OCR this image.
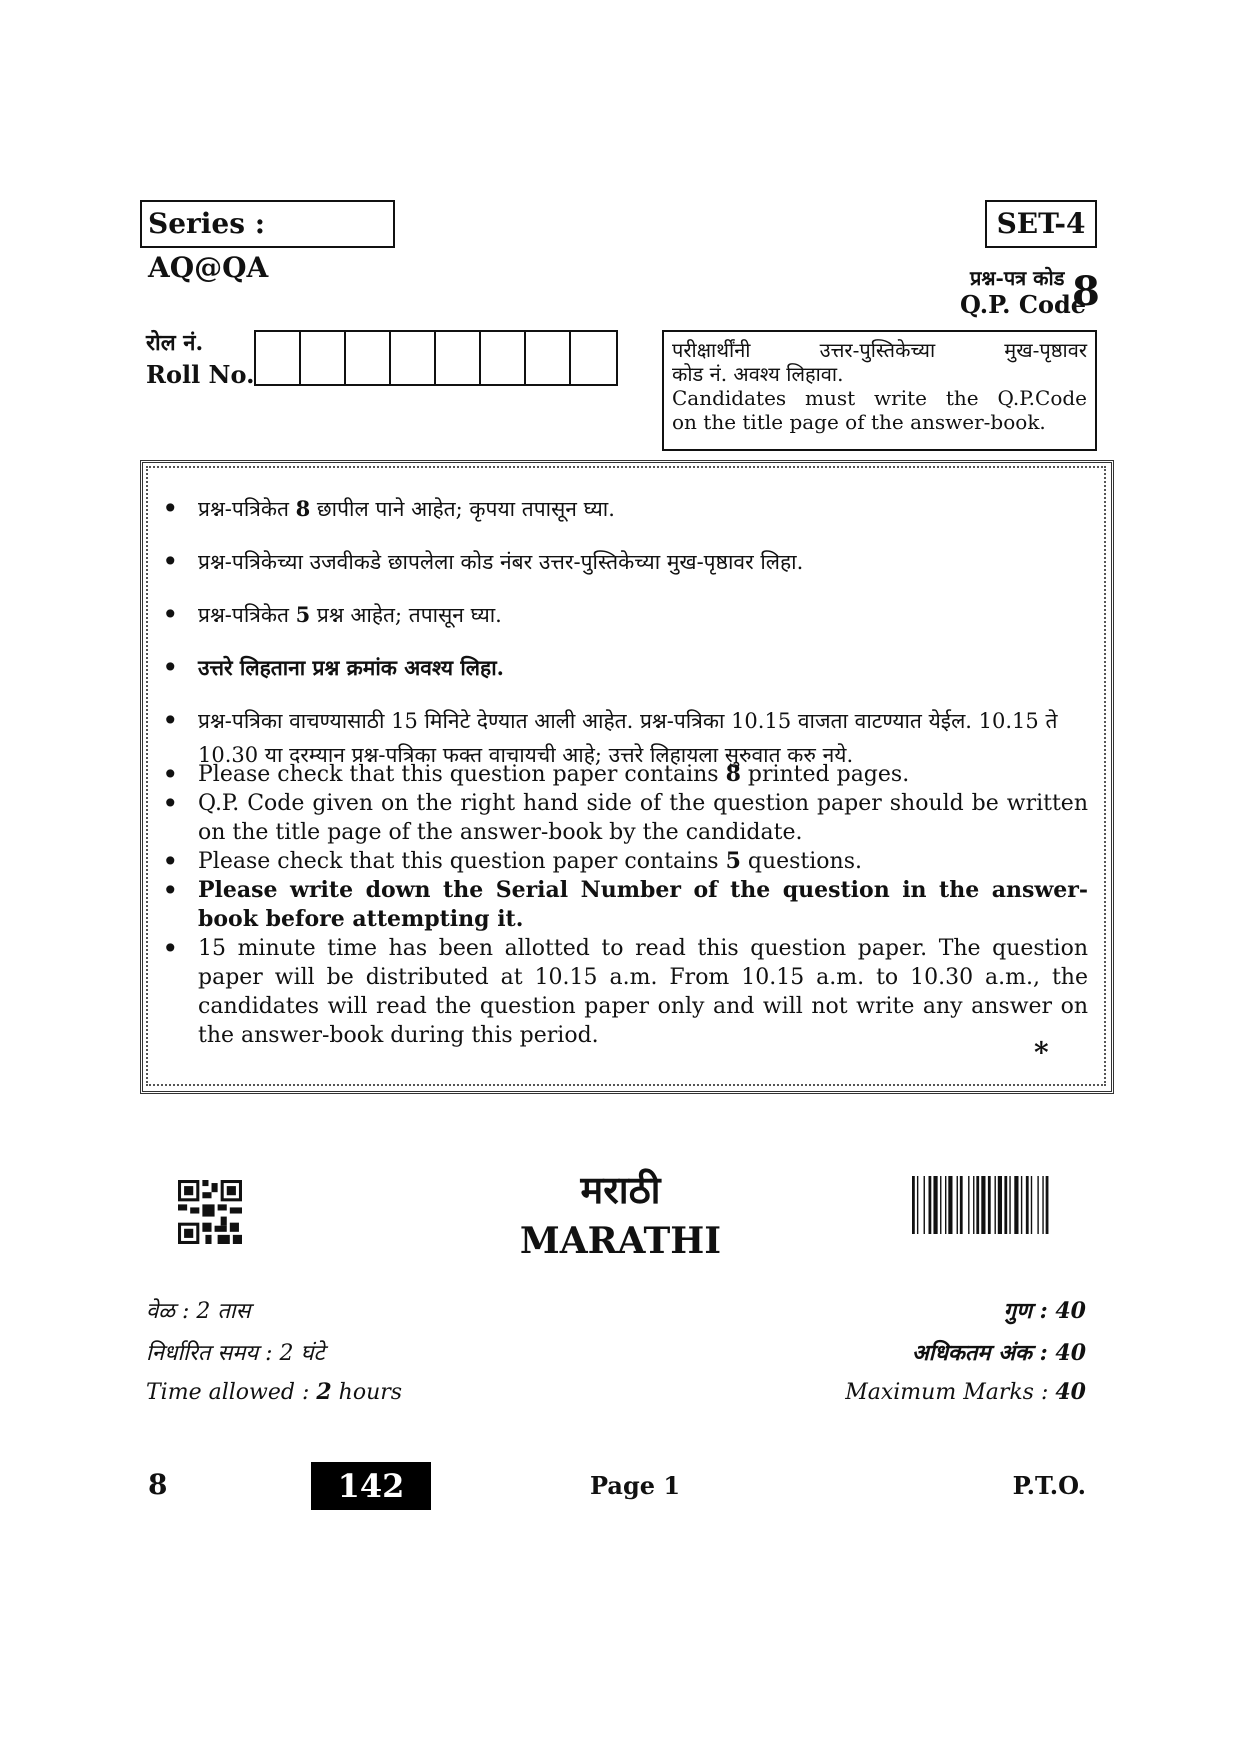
Series : AQ@QA
SET-4
प्रश्न-पत्र कोड
Q.P. Code
8
रोल नं.
Roll No.
परीक्षार्थींनी उत्तर-पुस्तिकेच्या मुख-पृष्ठावर
कोड नं. अवश्य लिहावा.
Candidates must write the Q.P.Code
on the title page of the answer-book.
• प्रश्न-पत्रिकेत 8 छापील पाने आहेत; कृपया तपासून घ्या.
• प्रश्न-पत्रिकेच्या उजवीकडे छापलेला कोड नंबर उत्तर-पुस्तिकेच्या मुख-पृष्ठावर लिहा.
• प्रश्न-पत्रिकेत 5 प्रश्न आहेत; तपासून घ्या.
• उत्तरे लिहताना प्रश्न क्रमांक अवश्य लिहा.
• प्रश्न-पत्रिका वाचण्यासाठी 15 मिनिटे देण्यात आली आहेत. प्रश्न-पत्रिका 10.15 वाजता वाटण्यात येईल. 10.15 ते 10.30 या दरम्यान प्रश्न-पत्रिका फक्त वाचायची आहे; उत्तरे लिहायला सुरुवात करु नये.
• Please check that this question paper contains 8 printed pages.
• Q.P. Code given on the right hand side of the question paper should be written on the title page of the answer-book by the candidate.
• Please check that this question paper contains 5 questions.
• Please write down the Serial Number of the question in the answer-book before attempting it.
• 15 minute time has been allotted to read this question paper. The question paper will be distributed at 10.15 a.m. From 10.15 a.m. to 10.30 a.m., the candidates will read the question paper only and will not write any answer on the answer-book during this period.
*
मराठी
MARATHI
वेळ : 2 तास
निर्धारित समय : 2 घंटे
Time allowed : 2 hours
गुण : 40
अधिकतम अंक : 40
Maximum Marks : 40
8	142	Page 1	P.T.O.
